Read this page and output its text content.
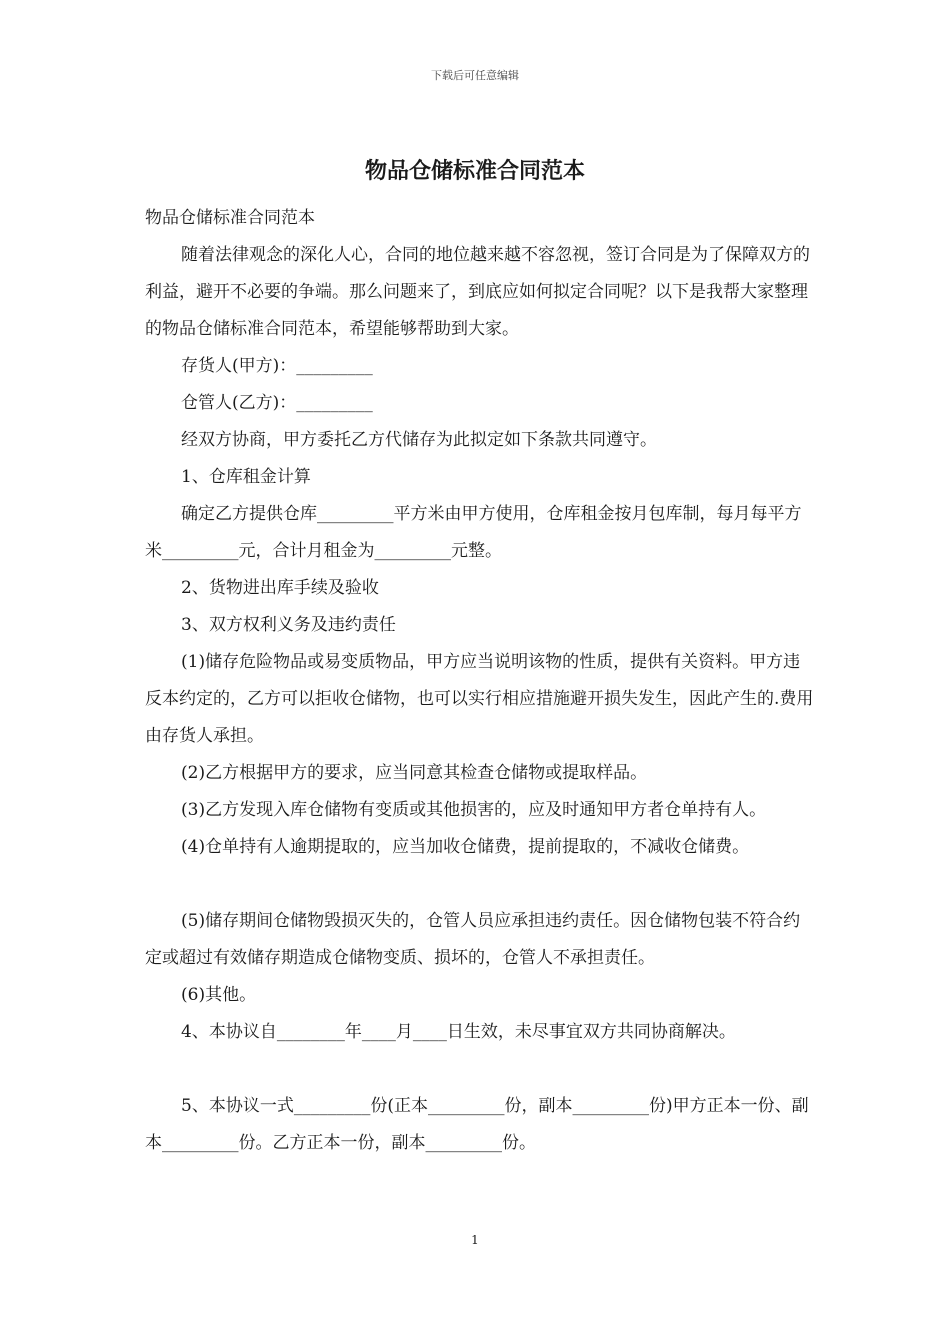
下载后可任意编辑
物品仓储标准合同范本

物品仓储标准合同范本

随着法律观念的深化人心，合同的地位越来越不容忽视，签订合同是为了保障双方的利益，避开不必要的争端。那么问题来了，到底应如何拟定合同呢？以下是我帮大家整理的物品仓储标准合同范本，希望能够帮助到大家。

存货人(甲方)：_________

仓管人(乙方)：_________

经双方协商，甲方委托乙方代储存为此拟定如下条款共同遵守。

1、仓库租金计算

确定乙方提供仓库_________平方米由甲方使用，仓库租金按月包库制，每月每平方米_________元，合计月租金为_________元整。

2、货物进出库手续及验收

3、双方权利义务及违约责任

(1)储存危险物品或易变质物品，甲方应当说明该物的性质，提供有关资料。甲方违反本约定的，乙方可以拒收仓储物，也可以实行相应措施避开损失发生，因此产生的.费用由存货人承担。

(2)乙方根据甲方的要求，应当同意其检查仓储物或提取样品。

(3)乙方发现入库仓储物有变质或其他损害的，应及时通知甲方者仓单持有人。

(4)仓单持有人逾期提取的，应当加收仓储费，提前提取的，不减收仓储费。

(5)储存期间仓储物毁损灭失的，仓管人员应承担违约责任。因仓储物包装不符合约定或超过有效储存期造成仓储物变质、损坏的，仓管人不承担责任。

(6)其他。

4、本协议自________年____月____日生效，未尽事宜双方共同协商解决。

5、本协议一式_________份(正本_________份，副本_________份)甲方正本一份、副本_________份。乙方正本一份，副本_________份。

1
